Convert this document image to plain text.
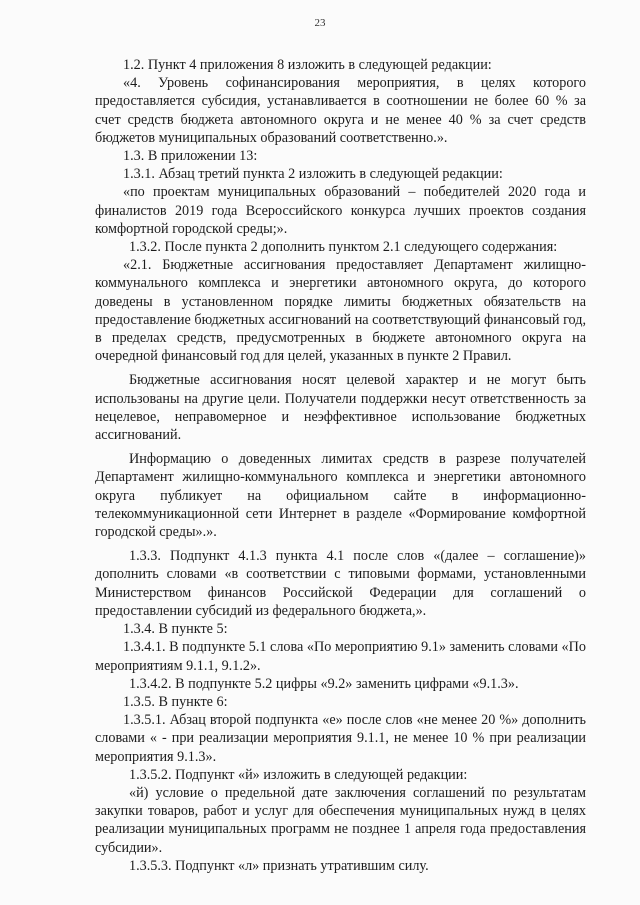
23

1.2. Пункт 4 приложения 8 изложить в следующей редакции:

«4. Уровень софинансирования мероприятия, в целях которого предоставляется субсидия, устанавливается в соотношении не более 60 % за счет средств бюджета автономного округа и не менее 40 % за счет средств бюджетов муниципальных образований соответственно.».

1.3. В приложении 13:

1.3.1. Абзац третий пункта 2 изложить в следующей редакции:

«по проектам муниципальных образований – победителей 2020 года и финалистов 2019 года Всероссийского конкурса лучших проектов создания комфортной городской среды;».

1.3.2. После пункта 2 дополнить пунктом 2.1 следующего содержания:

«2.1. Бюджетные ассигнования предоставляет Департамент жилищно-коммунального комплекса и энергетики автономного округа, до которого доведены в установленном порядке лимиты бюджетных обязательств на предоставление бюджетных ассигнований на соответствующий финансовый год, в пределах средств, предусмотренных в бюджете автономного округа на очередной финансовый год для целей, указанных в пункте 2 Правил.

Бюджетные ассигнования носят целевой характер и не могут быть использованы на другие цели. Получатели поддержки несут ответственность за нецелевое, неправомерное и неэффективное использование бюджетных ассигнований.

Информацию о доведенных лимитах средств в разрезе получателей Департамент жилищно-коммунального комплекса и энергетики автономного округа публикует на официальном сайте в информационно-телекоммуникационной сети Интернет в разделе «Формирование комфортной городской среды».».

1.3.3. Подпункт 4.1.3 пункта 4.1 после слов «(далее – соглашение)» дополнить словами «в соответствии с типовыми формами, установленными Министерством финансов Российской Федерации для соглашений о предоставлении субсидий из федерального бюджета,».

1.3.4. В пункте 5:

1.3.4.1. В подпункте 5.1 слова «По мероприятию 9.1» заменить словами «По мероприятиям 9.1.1, 9.1.2».

1.3.4.2. В подпункте 5.2 цифры «9.2» заменить цифрами «9.1.3».

1.3.5. В пункте 6:

1.3.5.1. Абзац второй подпункта «е» после слов «не менее 20 %» дополнить словами « - при реализации мероприятия 9.1.1, не менее 10 % при реализации мероприятия 9.1.3».

1.3.5.2. Подпункт «й» изложить в следующей редакции:

«й) условие о предельной дате заключения соглашений по результатам закупки товаров, работ и услуг для обеспечения муниципальных нужд в целях реализации муниципальных программ не позднее 1 апреля года предоставления субсидии».

1.3.5.3. Подпункт «л» признать утратившим силу.
